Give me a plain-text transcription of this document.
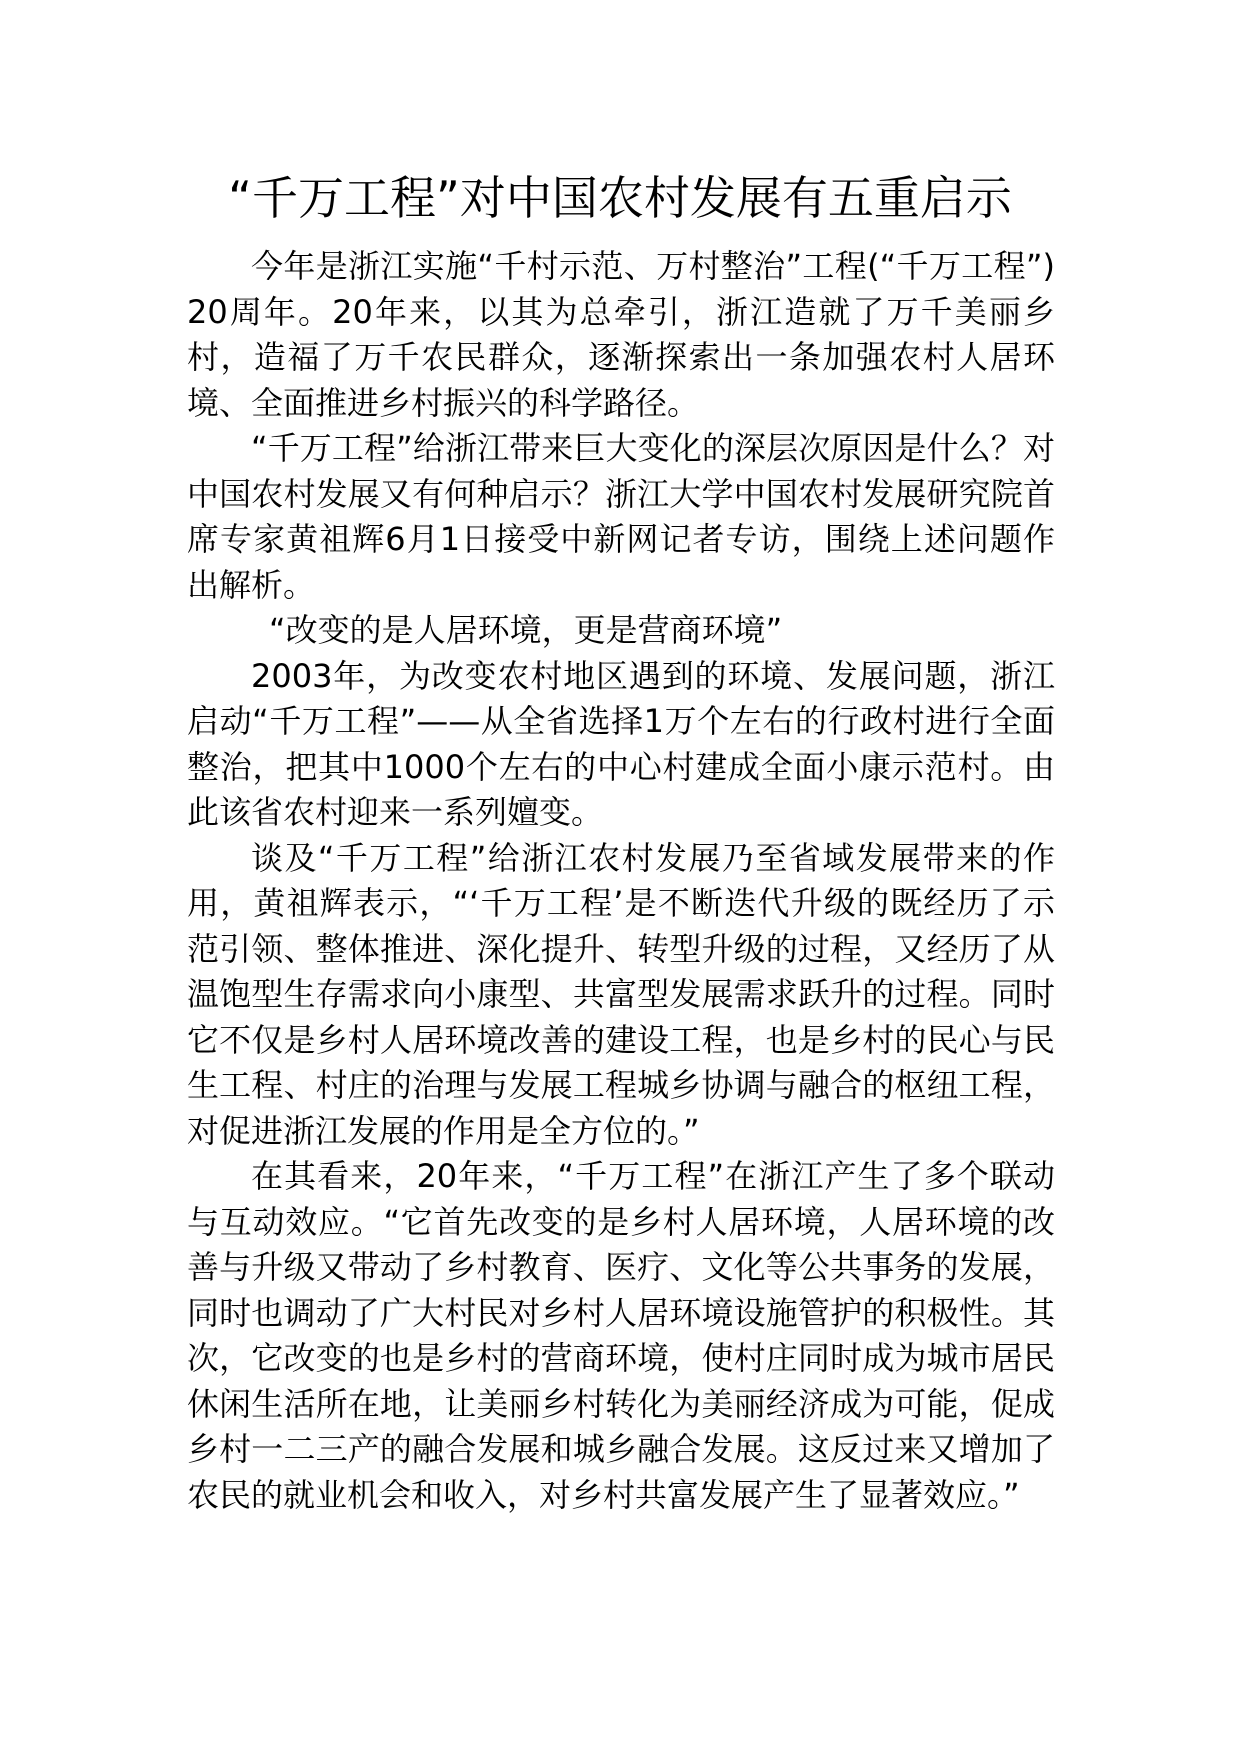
“千万工程”对中国农村发展有五重启示

今年是浙江实施“千村示范、万村整治”工程(“千万工程”)20周年。20年来，以其为总牵引，浙江造就了万千美丽乡村，造福了万千农民群众，逐渐探索出一条加强农村人居环境、全面推进乡村振兴的科学路径。

“千万工程”给浙江带来巨大变化的深层次原因是什么？对中国农村发展又有何种启示？浙江大学中国农村发展研究院首席专家黄祖辉6月1日接受中新网记者专访，围绕上述问题作出解析。

“改变的是人居环境，更是营商环境”

2003年，为改变农村地区遇到的环境、发展问题，浙江启动“千万工程”——从全省选择1万个左右的行政村进行全面整治，把其中1000个左右的中心村建成全面小康示范村。由此该省农村迎来一系列嬗变。

谈及“千万工程”给浙江农村发展乃至省域发展带来的作用，黄祖辉表示，“‘千万工程’是不断迭代升级的既经历了示范引领、整体推进、深化提升、转型升级的过程，又经历了从温饱型生存需求向小康型、共富型发展需求跃升的过程。同时它不仅是乡村人居环境改善的建设工程，也是乡村的民心与民生工程、村庄的治理与发展工程城乡协调与融合的枢纽工程，对促进浙江发展的作用是全方位的。”

在其看来，20年来，“千万工程”在浙江产生了多个联动与互动效应。“它首先改变的是乡村人居环境，人居环境的改善与升级又带动了乡村教育、医疗、文化等公共事务的发展，同时也调动了广大村民对乡村人居环境设施管护的积极性。其次，它改变的也是乡村的营商环境，使村庄同时成为城市居民休闲生活所在地，让美丽乡村转化为美丽经济成为可能，促成乡村一二三产的融合发展和城乡融合发展。这反过来又增加了农民的就业机会和收入，对乡村共富发展产生了显著效应。”
